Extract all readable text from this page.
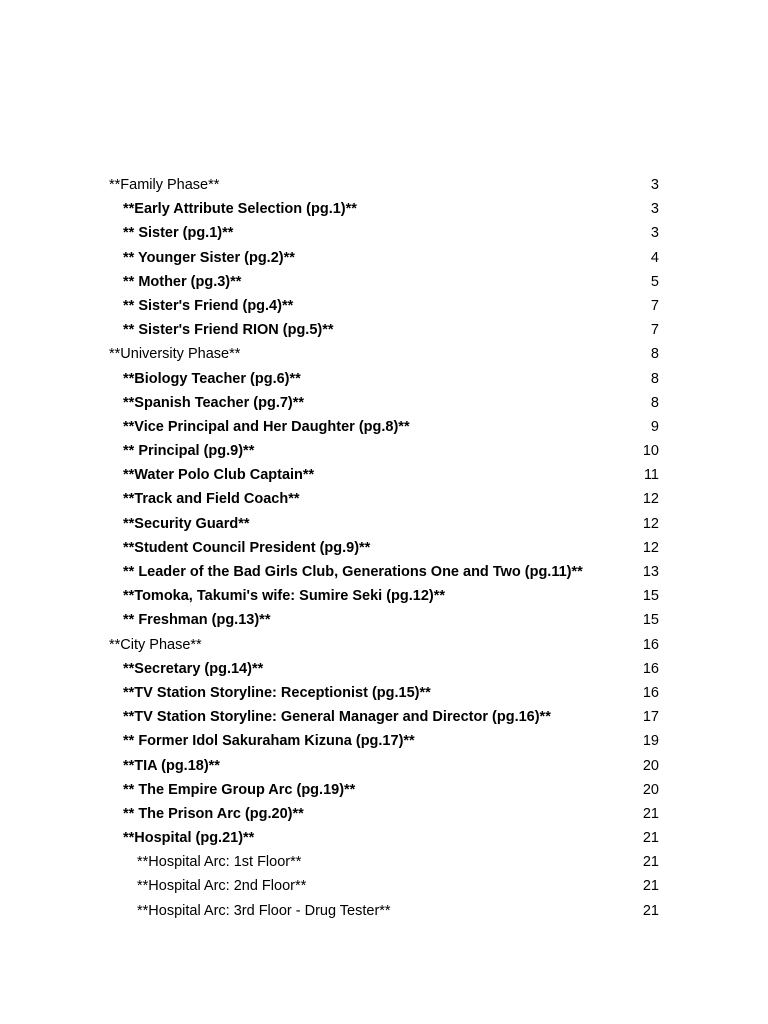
**Family Phase**	3
**Early Attribute Selection (pg.1)**	3
** Sister (pg.1)**	3
** Younger Sister (pg.2)**	4
** Mother (pg.3)**	5
** Sister's Friend (pg.4)**	7
** Sister's Friend RION (pg.5)**	7
**University Phase**	8
**Biology Teacher (pg.6)**	8
**Spanish Teacher (pg.7)**	8
**Vice Principal and Her Daughter (pg.8)**	9
** Principal (pg.9)**	10
**Water Polo Club Captain**	11
**Track and Field Coach**	12
**Security Guard**	12
**Student Council President (pg.9)**	12
** Leader of the Bad Girls Club, Generations One and Two (pg.11)**	13
**Tomoka, Takumi's wife: Sumire Seki (pg.12)**	15
** Freshman (pg.13)**	15
**City Phase**	16
**Secretary (pg.14)**	16
**TV Station Storyline: Receptionist (pg.15)**	16
**TV Station Storyline: General Manager and Director (pg.16)**	17
** Former Idol Sakuraham Kizuna (pg.17)**	19
**TIA (pg.18)**	20
** The Empire Group Arc (pg.19)**	20
** The Prison Arc (pg.20)**	21
**Hospital (pg.21)**	21
**Hospital Arc: 1st Floor**	21
**Hospital Arc: 2nd Floor**	21
**Hospital Arc: 3rd Floor - Drug Tester**	21
